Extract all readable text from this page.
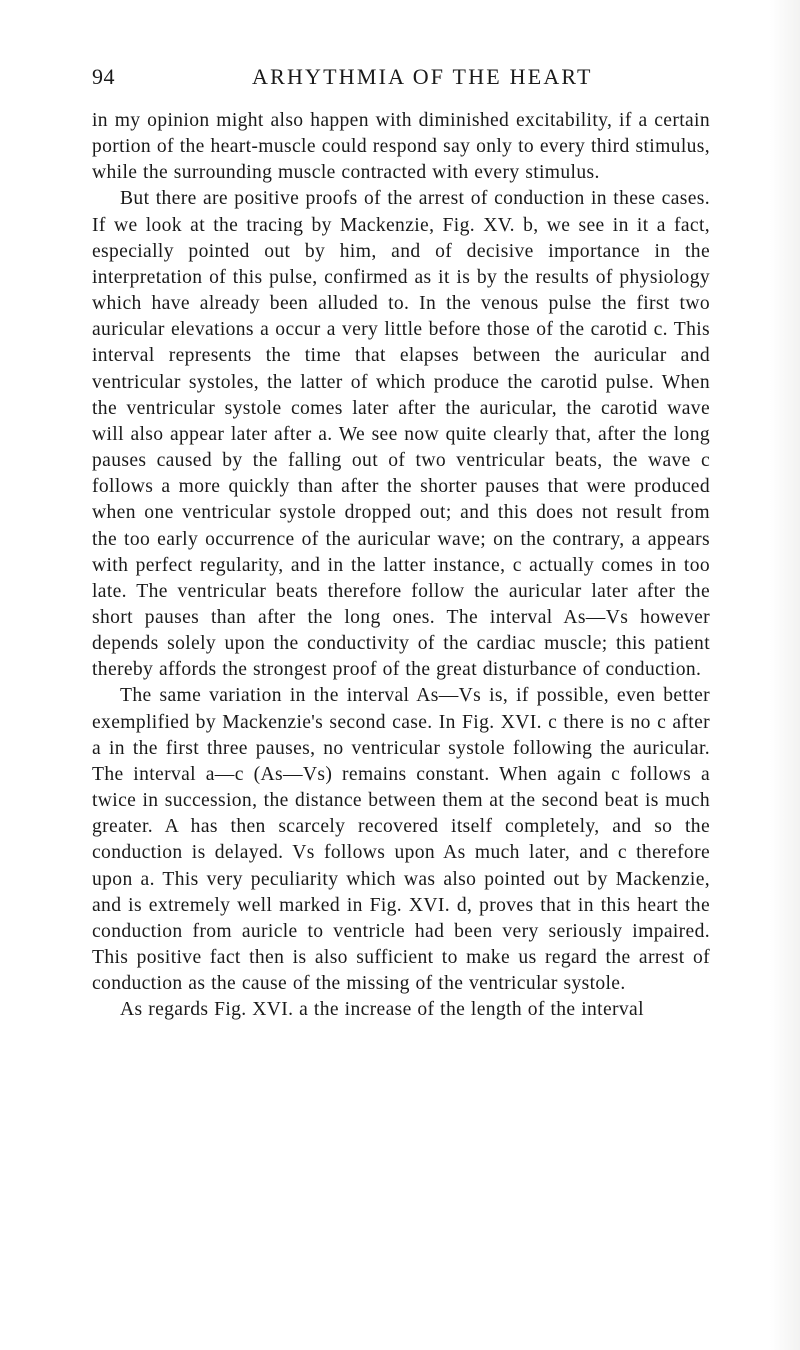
94	ARHYTHMIA OF THE HEART

in my opinion might also happen with diminished excitability, if a certain portion of the heart-muscle could respond say only to every third stimulus, while the surrounding muscle contracted with every stimulus.

But there are positive proofs of the arrest of conduction in these cases. If we look at the tracing by Mackenzie, Fig. XV. b, we see in it a fact, especially pointed out by him, and of decisive importance in the interpretation of this pulse, confirmed as it is by the results of physiology which have already been alluded to. In the venous pulse the first two auricular elevations a occur a very little before those of the carotid c. This interval represents the time that elapses between the auricular and ventricular systoles, the latter of which produce the carotid pulse. When the ventricular systole comes later after the auricular, the carotid wave will also appear later after a. We see now quite clearly that, after the long pauses caused by the falling out of two ventricular beats, the wave c follows a more quickly than after the shorter pauses that were produced when one ventricular systole dropped out; and this does not result from the too early occurrence of the auricular wave; on the contrary, a appears with perfect regularity, and in the latter instance, c actually comes in too late. The ventricular beats therefore follow the auricular later after the short pauses than after the long ones. The interval As—Vs however depends solely upon the conductivity of the cardiac muscle; this patient thereby affords the strongest proof of the great disturbance of conduction.

The same variation in the interval As—Vs is, if possible, even better exemplified by Mackenzie's second case. In Fig. XVI. c there is no c after a in the first three pauses, no ventricular systole following the auricular. The interval a—c (As—Vs) remains constant. When again c follows a twice in succession, the distance between them at the second beat is much greater. A has then scarcely recovered itself completely, and so the conduction is delayed. Vs follows upon As much later, and c therefore upon a. This very peculiarity which was also pointed out by Mackenzie, and is extremely well marked in Fig. XVI. d, proves that in this heart the conduction from auricle to ventricle had been very seriously impaired. This positive fact then is also sufficient to make us regard the arrest of conduction as the cause of the missing of the ventricular systole.

As regards Fig. XVI. a the increase of the length of the interval
